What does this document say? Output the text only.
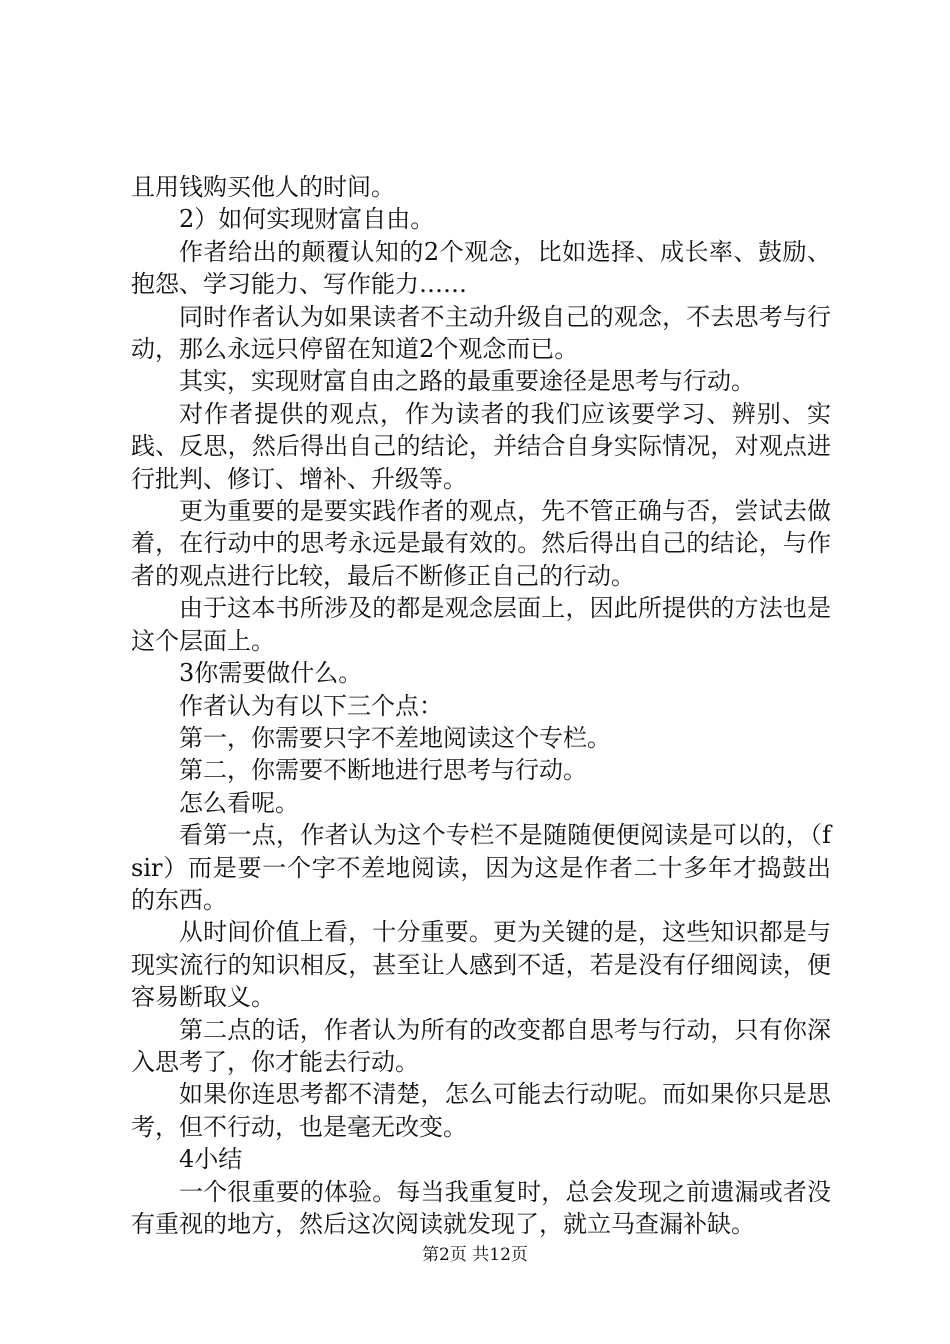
且用钱购买他人的时间。

2）如何实现财富自由。

作者给出的颠覆认知的2个观念，比如选择、成长率、鼓励、抱怨、学习能力、写作能力……

同时作者认为如果读者不主动升级自己的观念，不去思考与行动，那么永远只停留在知道2个观念而已。

其实，实现财富自由之路的最重要途径是思考与行动。

对作者提供的观点，作为读者的我们应该要学习、辨别、实践、反思，然后得出自己的结论，并结合自身实际情况，对观点进行批判、修订、增补、升级等。

更为重要的是要实践作者的观点，先不管正确与否，尝试去做着，在行动中的思考永远是最有效的。然后得出自己的结论，与作者的观点进行比较，最后不断修正自己的行动。

由于这本书所涉及的都是观念层面上，因此所提供的方法也是这个层面上。

3你需要做什么。

作者认为有以下三个点：

第一，你需要只字不差地阅读这个专栏。

第二，你需要不断地进行思考与行动。

怎么看呢。

看第一点，作者认为这个专栏不是随随便便阅读是可以的，（fsir）而是要一个字不差地阅读，因为这是作者二十多年才捣鼓出的东西。

从时间价值上看，十分重要。更为关键的是，这些知识都是与现实流行的知识相反，甚至让人感到不适，若是没有仔细阅读，便容易断取义。

第二点的话，作者认为所有的改变都自思考与行动，只有你深入思考了，你才能去行动。

如果你连思考都不清楚，怎么可能去行动呢。而如果你只是思考，但不行动，也是毫无改变。

4小结

一个很重要的体验。每当我重复时，总会发现之前遗漏或者没有重视的地方，然后这次阅读就发现了，就立马查漏补缺。

第2页 共12页
